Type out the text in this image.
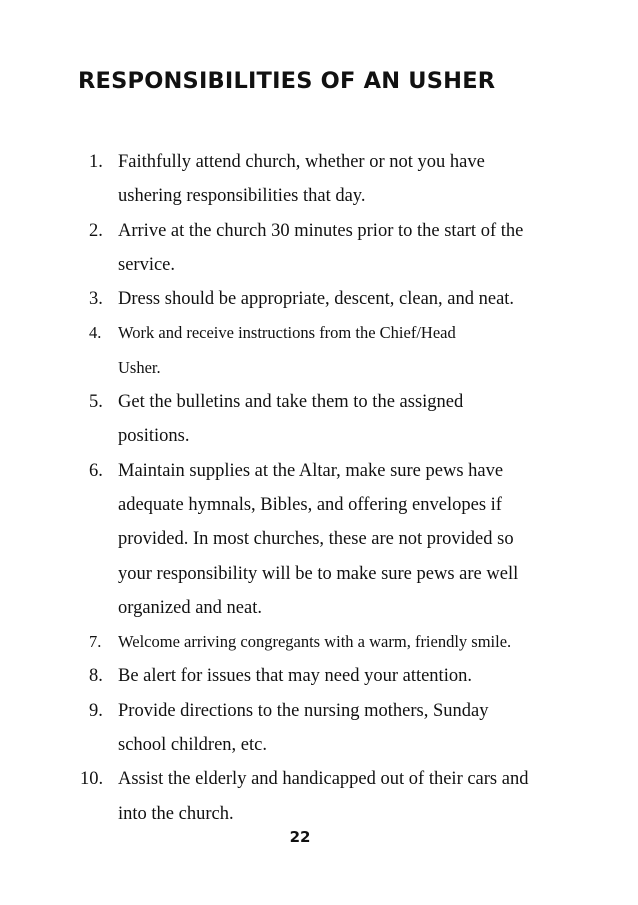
RESPONSIBILITIES OF AN USHER
1. Faithfully attend church, whether or not you have
ushering responsibilities that day.
2. Arrive at the church 30 minutes prior to the start of the
service.
3. Dress should be appropriate, descent, clean, and neat.
4. Work and receive instructions from the Chief/Head
Usher.
5. Get the bulletins and take them to the assigned
positions.
6. Maintain supplies at the Altar, make sure pews have
adequate hymnals, Bibles, and offering envelopes if
provided. In most churches, these are not provided so
your responsibility will be to make sure pews are well
organized and neat.
7. Welcome arriving congregants with a warm, friendly smile.
8. Be alert for issues that may need your attention.
9. Provide directions to the nursing mothers, Sunday
school children, etc.
10. Assist the elderly and handicapped out of their cars and
into the church.
22
